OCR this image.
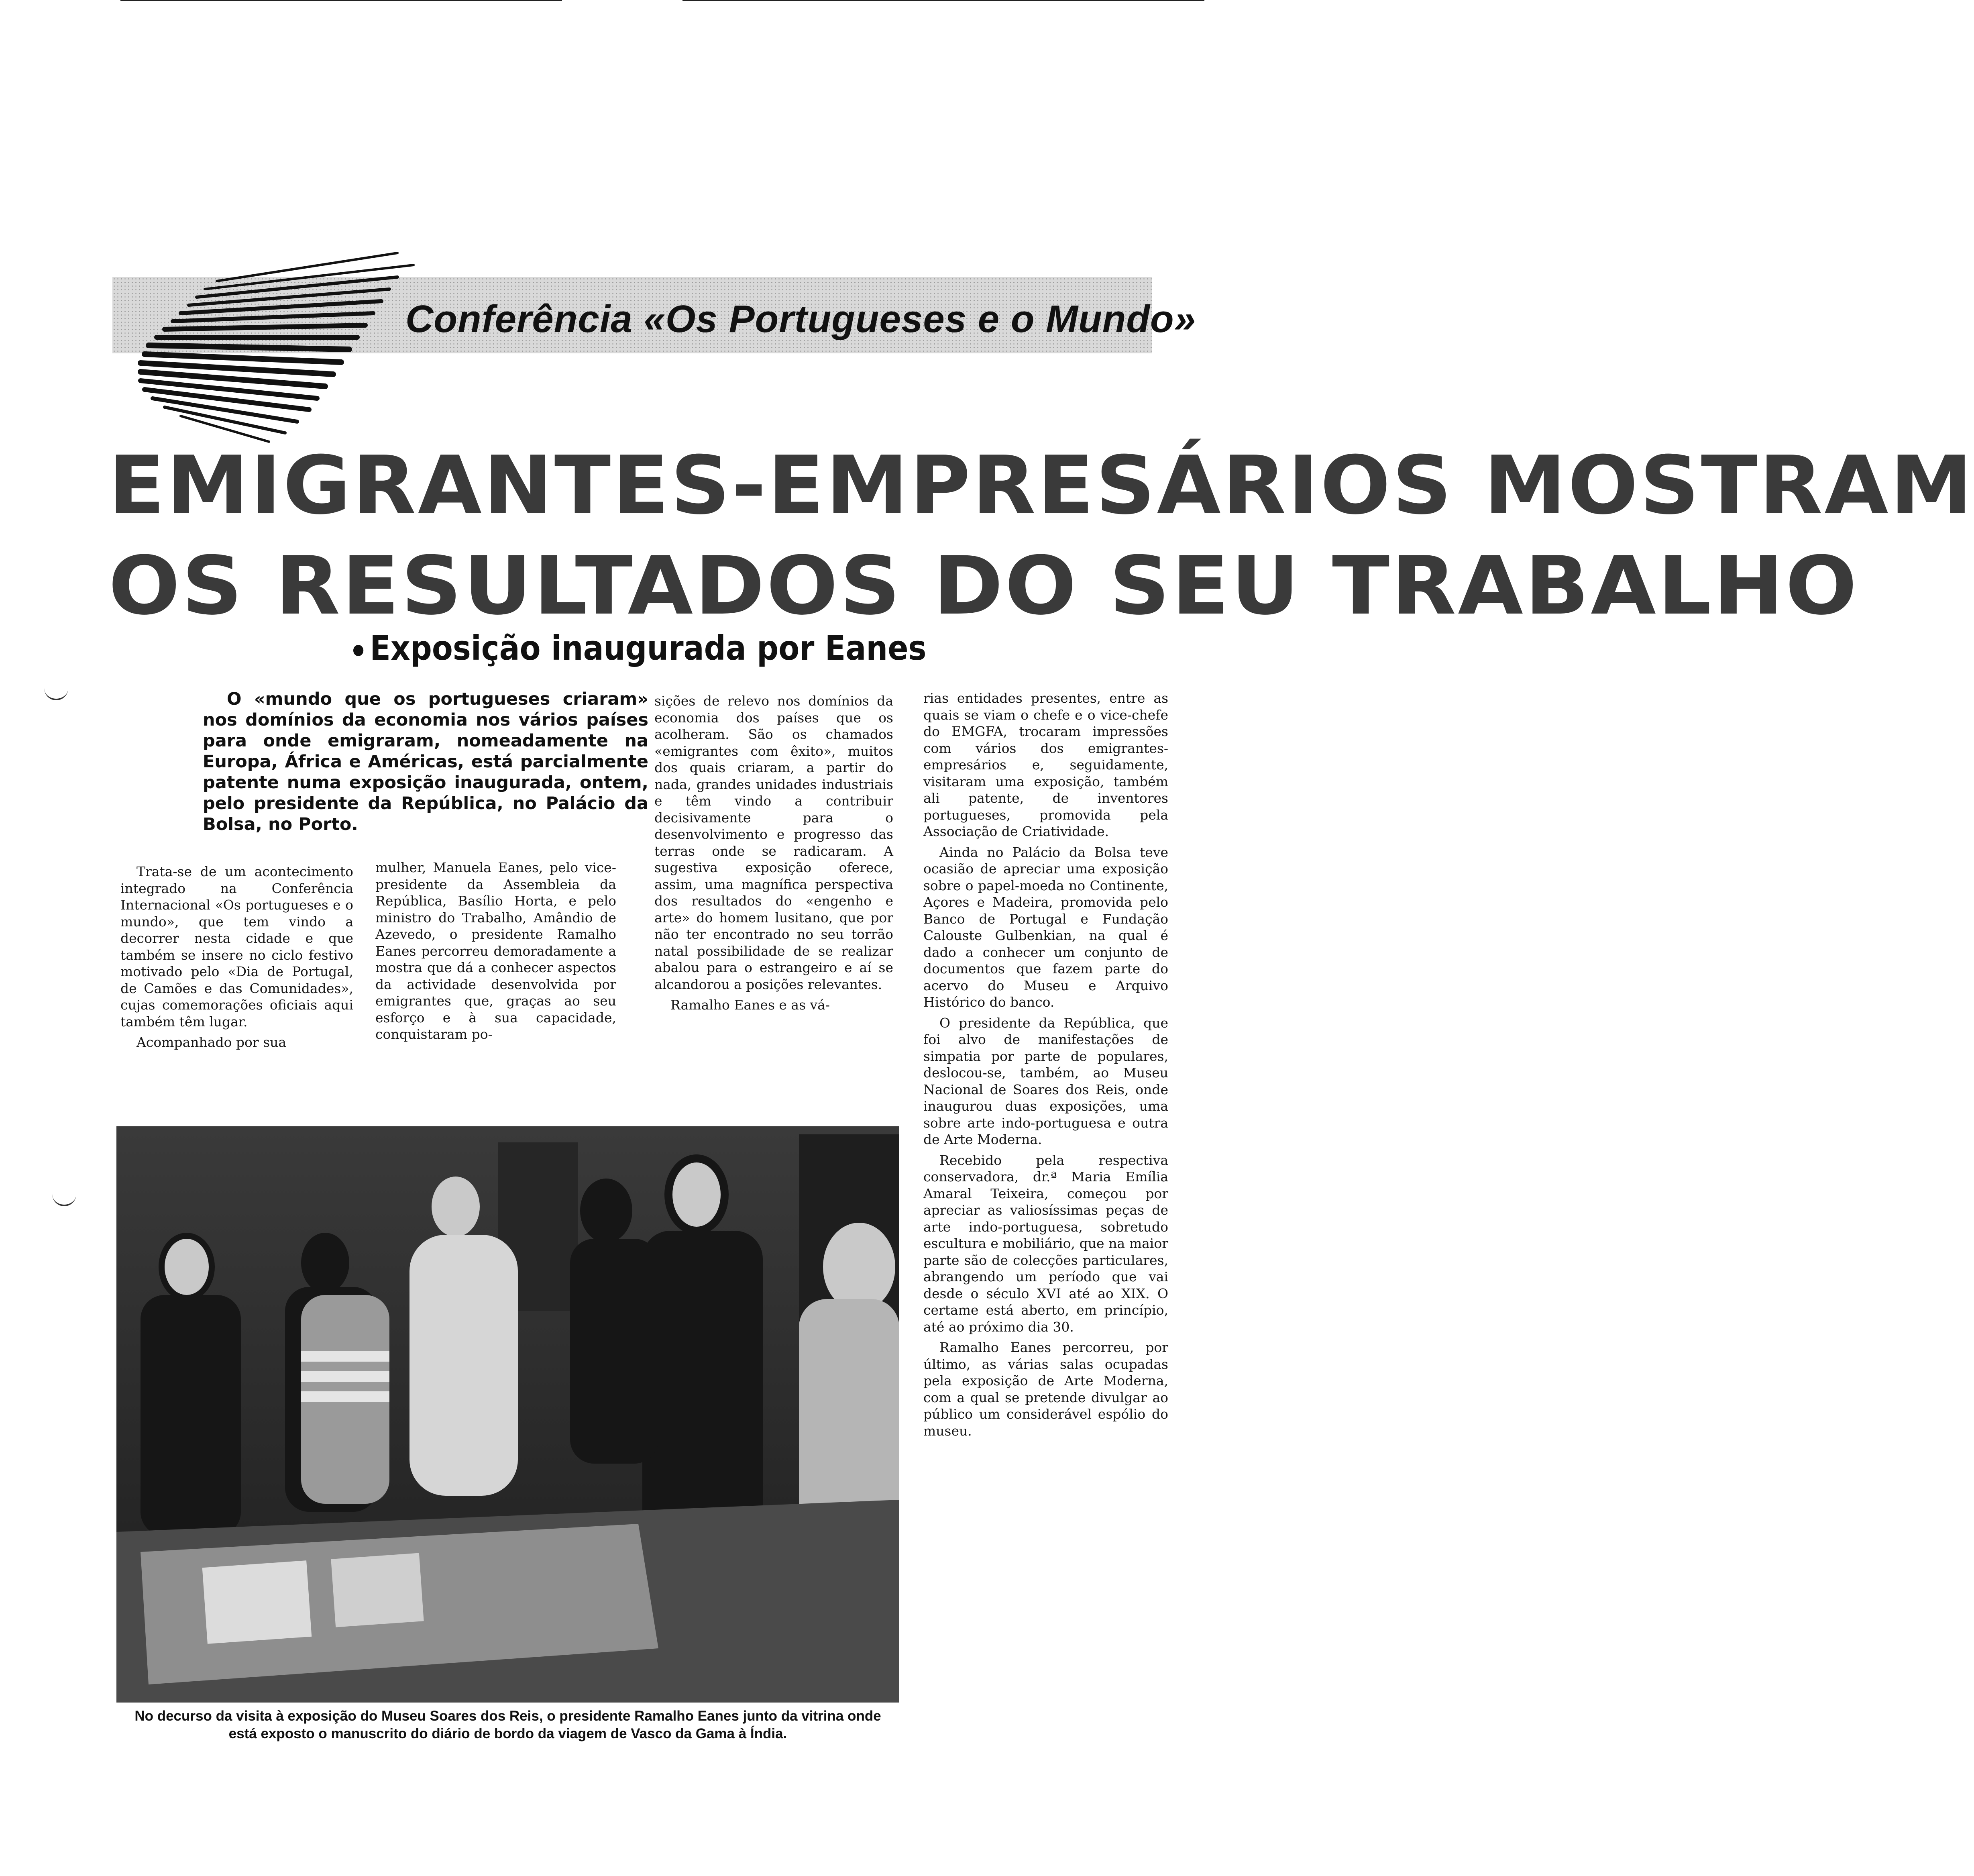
Conferência «Os Portugueses e o Mundo»
EMIGRANTES-EMPRESÁRIOS MOSTRAM
OS RESULTADOS DO SEU TRABALHO
Exposição inaugurada por Eanes
O «mundo que os portugueses criaram» nos domínios da economia nos vários países para onde emigraram, nomeadamente na Europa, África e Américas, está parcialmente patente numa exposição inaugurada, ontem, pelo presidente da República, no Palácio da Bolsa, no Porto.

Trata-se de um acontecimento integrado na Conferência Internacional «Os portugueses e o mundo», que tem vindo a decorrer nesta cidade e que também se insere no ciclo festivo motivado pelo «Dia de Portugal, de Camões e das Comunidades», cujas comemorações oficiais aqui também têm lugar.

Acompanhado por sua

mulher, Manuela Eanes, pelo vice-presidente da Assembleia da República, Basílio Horta, e pelo ministro do Trabalho, Amândio de Azevedo, o presidente Ramalho Eanes percorreu demoradamente a mostra que dá a conhecer aspectos da actividade desenvolvida por emigrantes que, graças ao seu esforço e à sua capacidade, conquistaram po-

sições de relevo nos domínios da economia dos países que os acolheram. São os chamados «emigrantes com êxito», muitos dos quais criaram, a partir do nada, grandes unidades industriais e têm vindo a contribuir decisivamente para o desenvolvimento e progresso das terras onde se radicaram. A sugestiva exposição oferece, assim, uma magnífica perspectiva dos resultados do «engenho e arte» do homem lusitano, que por não ter encontrado no seu torrão natal possibilidade de se realizar abalou para o estrangeiro e aí se alcandorou a posições relevantes.

Ramalho Eanes e as vá-

rias entidades presentes, entre as quais se viam o chefe e o vice-chefe do EMGFA, trocaram impressões com vários dos emigrantes-empresários e, seguidamente, visitaram uma exposição, também ali patente, de inventores portugueses, promovida pela Associação de Criatividade.

Ainda no Palácio da Bolsa teve ocasião de apreciar uma exposição sobre o papel-moeda no Continente, Açores e Madeira, promovida pelo Banco de Portugal e Fundação Calouste Gulbenkian, na qual é dado a conhecer um conjunto de documentos que fazem parte do acervo do Museu e Arquivo Histórico do banco.

O presidente da República, que foi alvo de manifestações de simpatia por parte de populares, deslocou-se, também, ao Museu Nacional de Soares dos Reis, onde inaugurou duas exposições, uma sobre arte indo-portuguesa e outra de Arte Moderna.

Recebido pela respectiva conservadora, dr.ª Maria Emília Amaral Teixeira, começou por apreciar as valiosíssimas peças de arte indo-portuguesa, sobretudo escultura e mobiliário, que na maior parte são de colecções particulares, abrangendo um período que vai desde o século XVI até ao XIX. O certame está aberto, em princípio, até ao próximo dia 30.

Ramalho Eanes percorreu, por último, as várias salas ocupadas pela exposição de Arte Moderna, com a qual se pretende divulgar ao público um considerável espólio do museu.

No decurso da visita à exposição do Museu Soares dos Reis, o presidente Ramalho Eanes junto da vitrina onde está exposto o manuscrito do diário de bordo da viagem de Vasco da Gama à Índia.
